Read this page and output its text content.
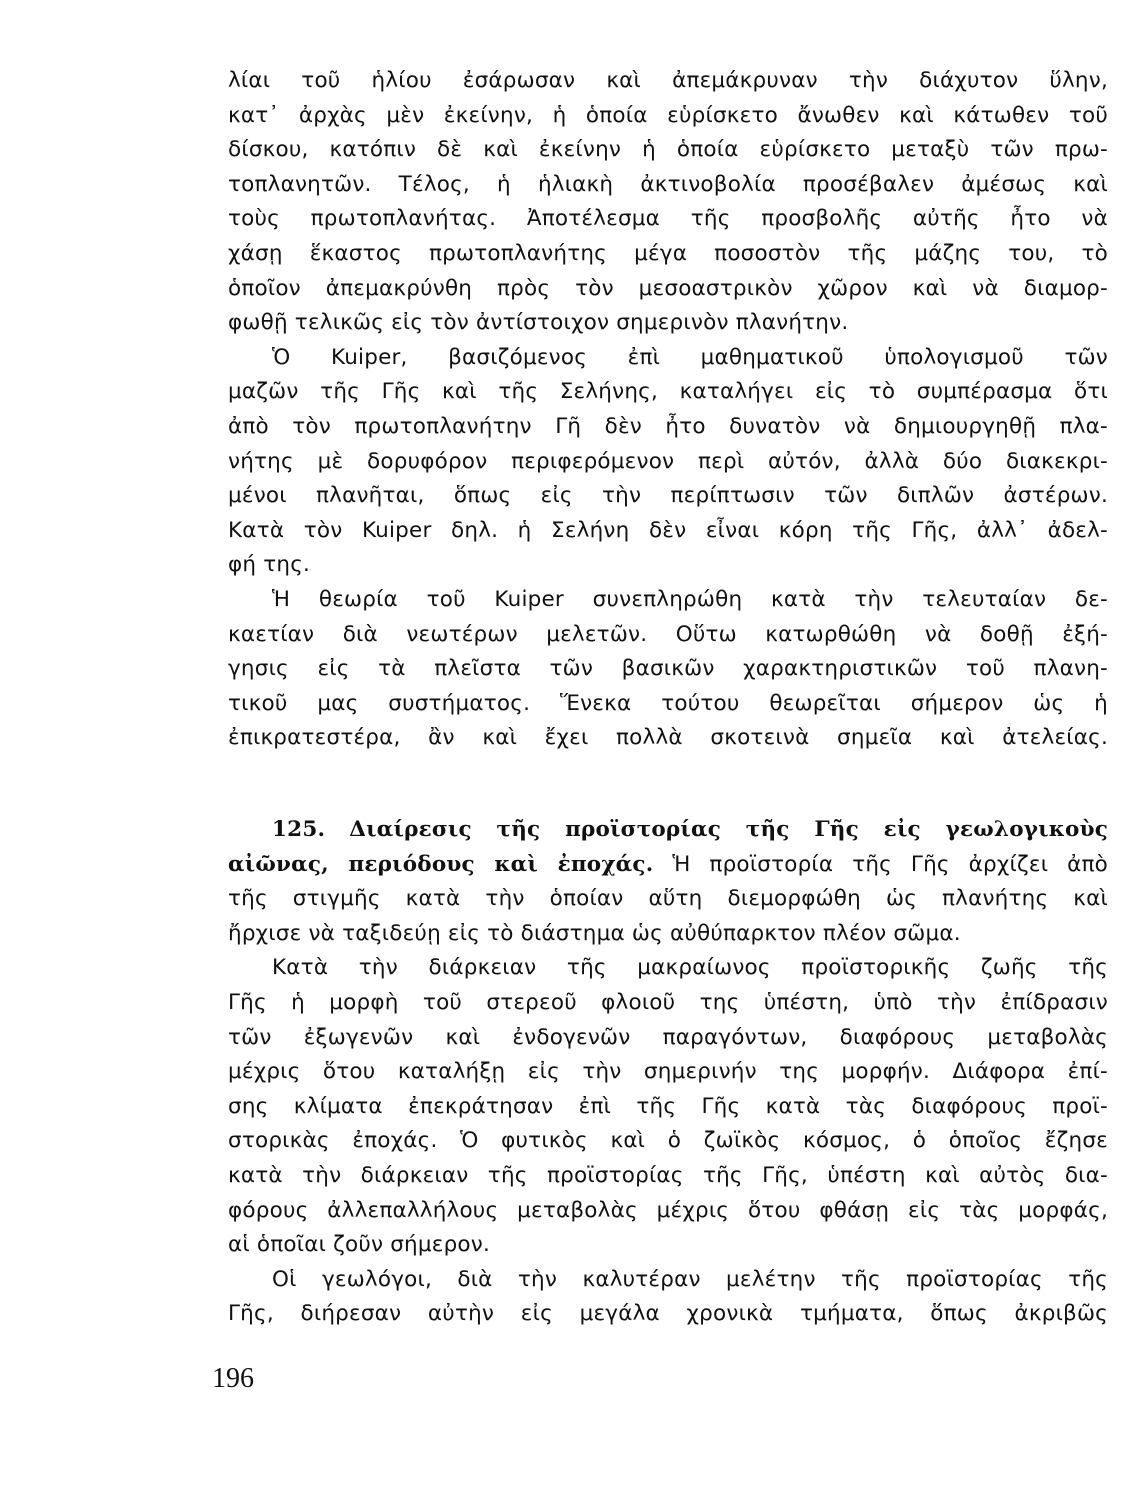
λίαι τοῦ ἡλίου ἐσάρωσαν καὶ ἀπεμάκρυναν τὴν διάχυτον ὕλην,
κατ᾽ ἀρχὰς μὲν ἐκείνην, ἡ ὁποία εὑρίσκετο ἄνωθεν καὶ κάτωθεν τοῦ
δίσκου, κατόπιν δὲ καὶ ἐκείνην ἡ ὁποία εὑρίσκετο μεταξὺ τῶν πρω-
τοπλανητῶν. Τέλος, ἡ ἡλιακὴ ἀκτινοβολία προσέβαλεν ἀμέσως καὶ
τοὺς πρωτοπλανήτας. Ἀποτέλεσμα τῆς προσβολῆς αὐτῆς ἦτο νὰ
χάσῃ ἕκαστος πρωτοπλανήτης μέγα ποσοστὸν τῆς μάζης του, τὸ
ὁποῖον ἀπεμακρύνθη πρὸς τὸν μεσοαστρικὸν χῶρον καὶ νὰ διαμορ-
φωθῇ τελικῶς εἰς τὸν ἀντίστοιχον σημερινὸν πλανήτην.
Ὁ Kuiper, βασιζόμενος ἐπὶ μαθηματικοῦ ὑπολογισμοῦ τῶν
μαζῶν τῆς Γῆς καὶ τῆς Σελήνης, καταλήγει εἰς τὸ συμπέρασμα ὅτι
ἀπὸ τὸν πρωτοπλανήτην Γῆ δὲν ἦτο δυνατὸν νὰ δημιουργηθῇ πλα-
νήτης μὲ δορυφόρον περιφερόμενον περὶ αὐτόν, ἀλλὰ δύο διακεκρι-
μένοι πλανῆται, ὅπως εἰς τὴν περίπτωσιν τῶν διπλῶν ἀστέρων.
Κατὰ τὸν Kuiper δηλ. ἡ Σελήνη δὲν εἶναι κόρη τῆς Γῆς, ἀλλ᾽ ἀδελ-
φή της.
Ἡ θεωρία τοῦ Kuiper συνεπληρώθη κατὰ τὴν τελευταίαν δε-
καετίαν διὰ νεωτέρων μελετῶν. Οὕτω κατωρθώθη νὰ δοθῇ ἐξή-
γησις εἰς τὰ πλεῖστα τῶν βασικῶν χαρακτηριστικῶν τοῦ πλανη-
τικοῦ μας συστήματος. Ἕνεκα τούτου θεωρεῖται σήμερον ὡς ἡ
ἐπικρατεστέρα, ἂν καὶ ἔχει πολλὰ σκοτεινὰ σημεῖα καὶ ἀτελείας.
125. Διαίρεσις τῆς προϊστορίας τῆς Γῆς εἰς γεωλογικοὺς
αἰῶνας, περιόδους καὶ ἐποχάς. Ἡ προϊστορία τῆς Γῆς ἀρχίζει ἀπὸ
τῆς στιγμῆς κατὰ τὴν ὁποίαν αὕτη διεμορφώθη ὡς πλανήτης καὶ
ἤρχισε νὰ ταξιδεύῃ εἰς τὸ διάστημα ὡς αὐθύπαρκτον πλέον σῶμα.
Κατὰ τὴν διάρκειαν τῆς μακραίωνος προϊστορικῆς ζωῆς τῆς
Γῆς ἡ μορφὴ τοῦ στερεοῦ φλοιοῦ της ὑπέστη, ὑπὸ τὴν ἐπίδρασιν
τῶν ἐξωγενῶν καὶ ἐνδογενῶν παραγόντων, διαφόρους μεταβολὰς
μέχρις ὅτου καταλήξῃ εἰς τὴν σημερινήν της μορφήν. Διάφορα ἐπί-
σης κλίματα ἐπεκράτησαν ἐπὶ τῆς Γῆς κατὰ τὰς διαφόρους προϊ-
στορικὰς ἐποχάς. Ὁ φυτικὸς καὶ ὁ ζωϊκὸς κόσμος, ὁ ὁποῖος ἔζησε
κατὰ τὴν διάρκειαν τῆς προϊστορίας τῆς Γῆς, ὑπέστη καὶ αὐτὸς δια-
φόρους ἀλλεπαλλήλους μεταβολὰς μέχρις ὅτου φθάσῃ εἰς τὰς μορφάς,
αἱ ὁποῖαι ζοῦν σήμερον.
Οἱ γεωλόγοι, διὰ τὴν καλυτέραν μελέτην τῆς προϊστορίας τῆς
Γῆς, διήρεσαν αὐτὴν εἰς μεγάλα χρονικὰ τμήματα, ὅπως ἀκριβῶς
196
